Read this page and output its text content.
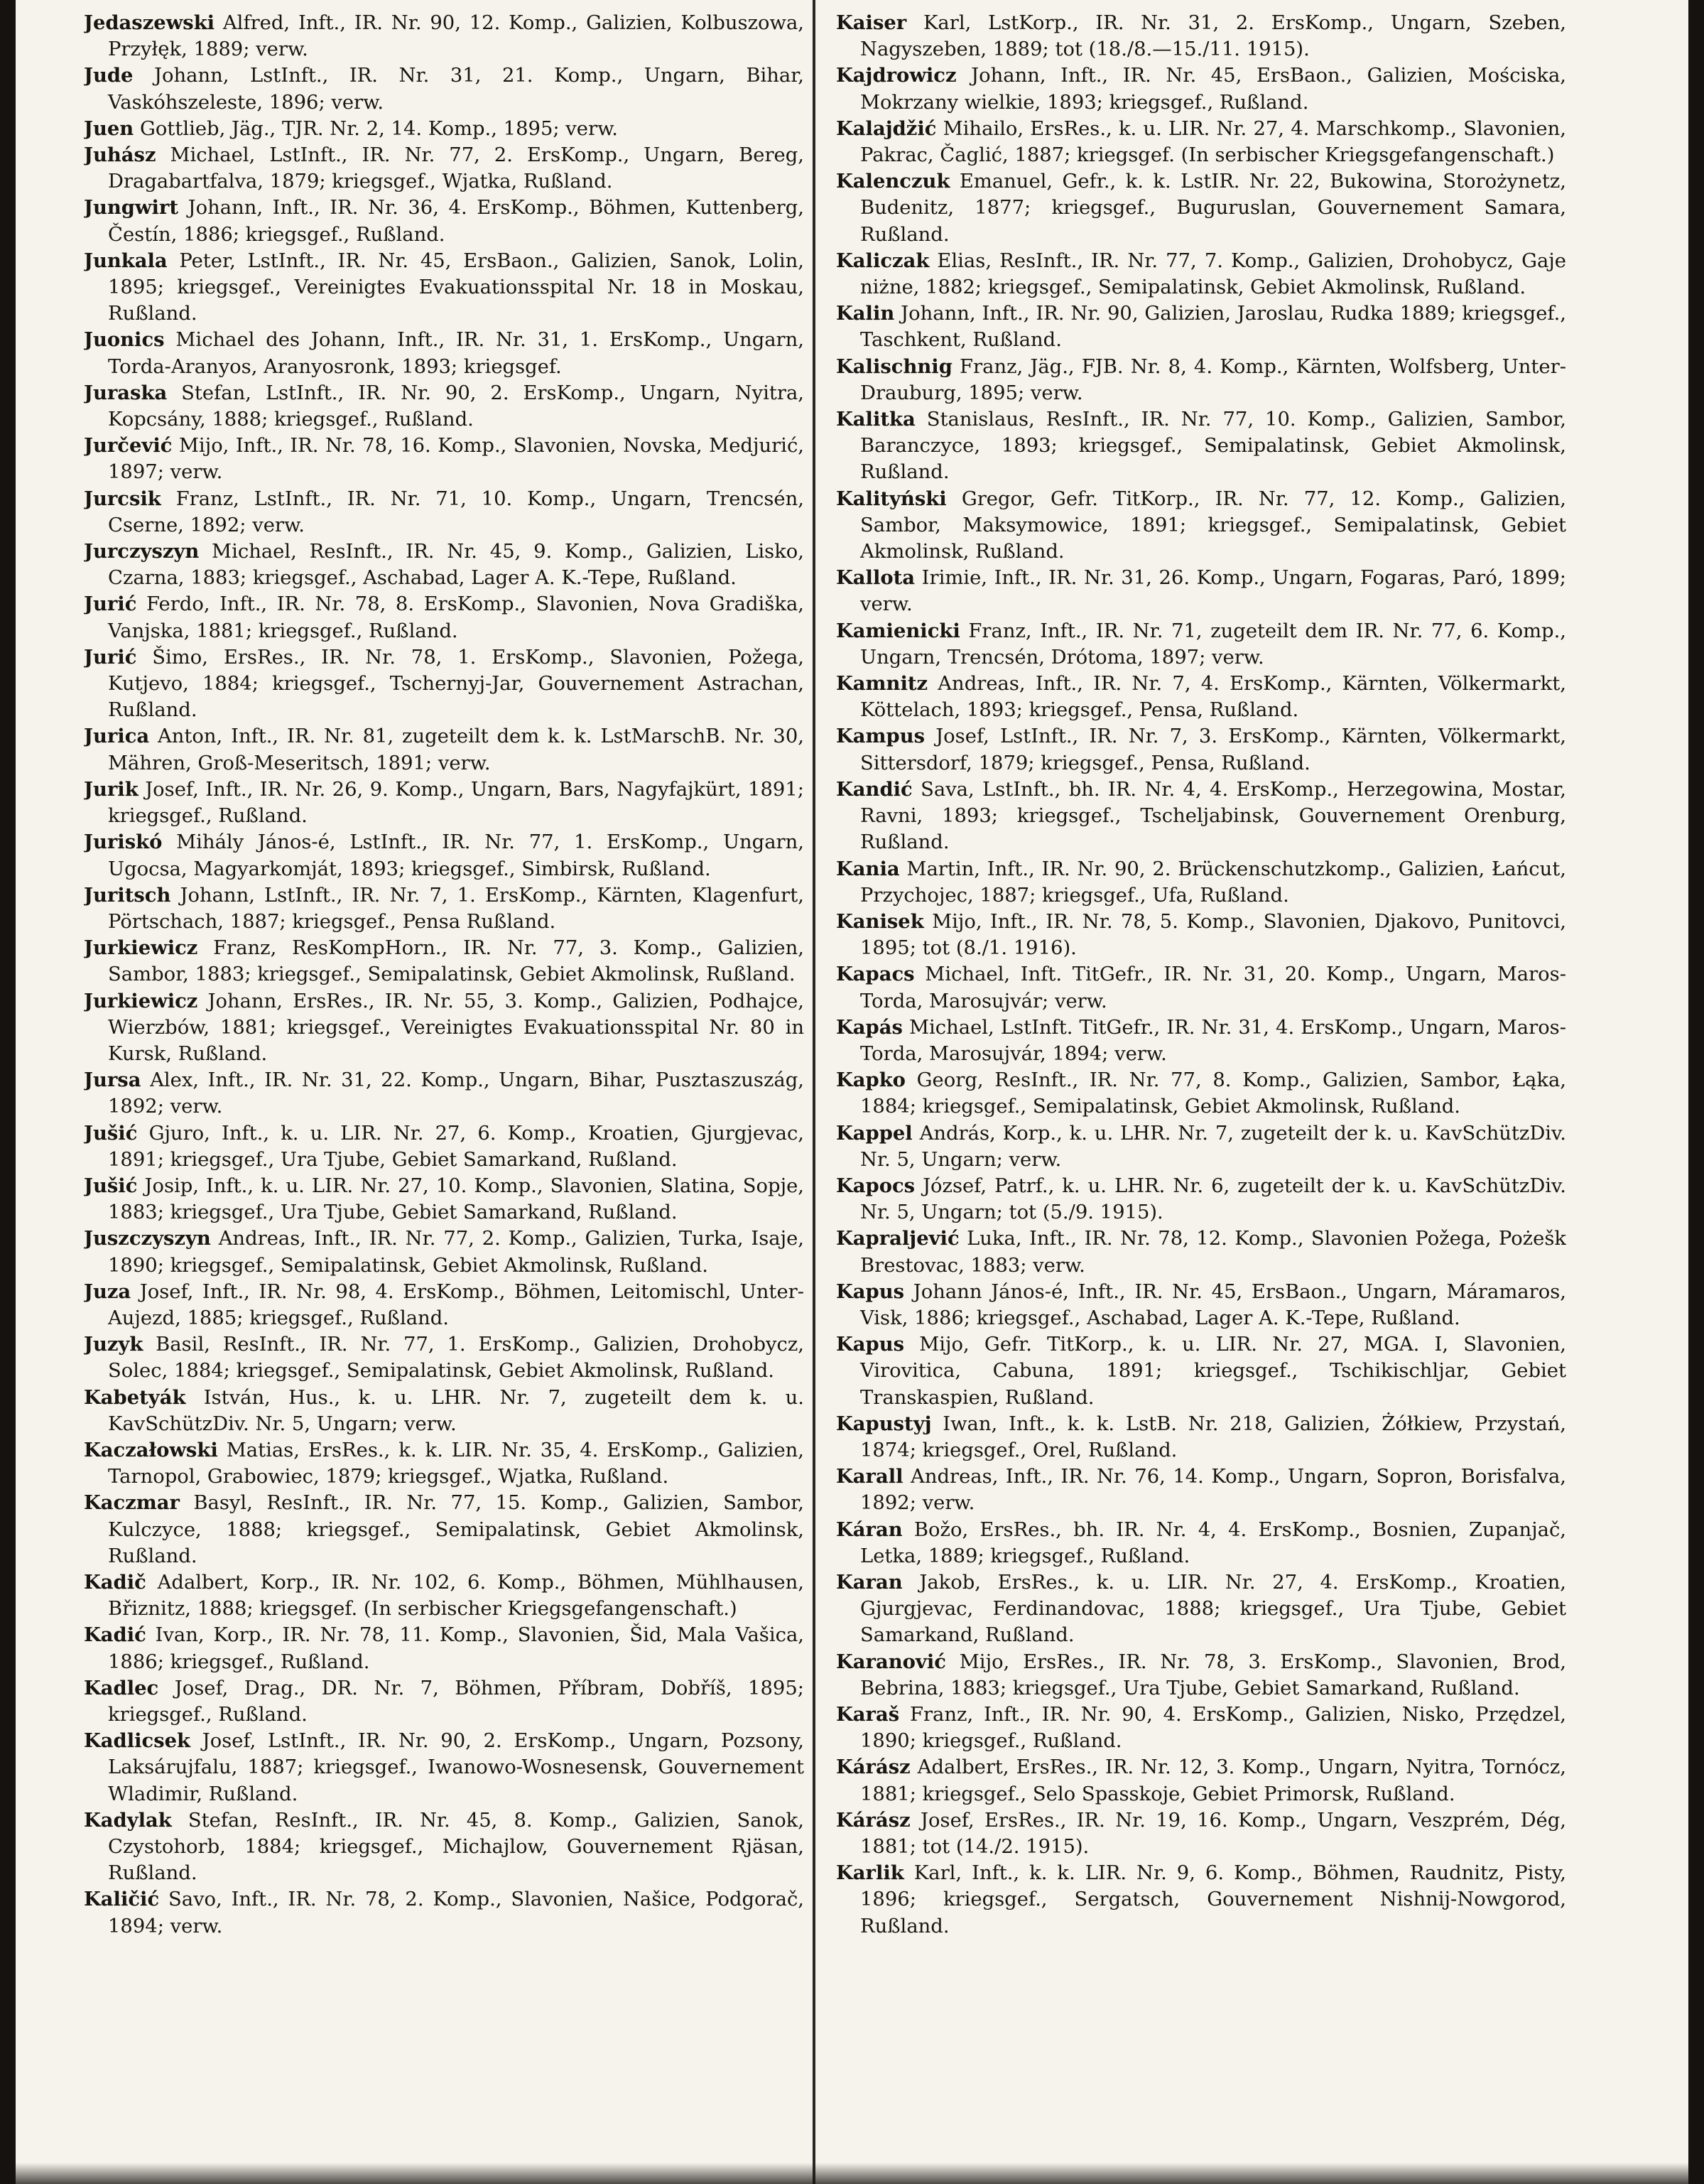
Jedaszewski Alfred, Inft., IR. Nr. 90, 12. Komp., Galizien, Kolbuszowa, Przyłęk, 1889; verw.

Jude Johann, LstInft., IR. Nr. 31, 21. Komp., Ungarn, Bihar, Vaskóhszeleste, 1896; verw.

Juen Gottlieb, Jäg., TJR. Nr. 2, 14. Komp., 1895; verw.

Juhász Michael, LstInft., IR. Nr. 77, 2. ErsKomp., Ungarn, Bereg, Dragabartfalva, 1879; kriegsgef., Wjatka, Rußland.

Jungwirt Johann, Inft., IR. Nr. 36, 4. ErsKomp., Böhmen, Kuttenberg, Čestín, 1886; kriegsgef., Rußland.

Junkala Peter, LstInft., IR. Nr. 45, ErsBaon., Galizien, Sanok, Lolin, 1895; kriegsgef., Vereinigtes Evakuationsspital Nr. 18 in Moskau, Rußland.

Juonics Michael des Johann, Inft., IR. Nr. 31, 1. ErsKomp., Ungarn, Torda-Aranyos, Aranyosronk, 1893; kriegsgef.

Juraska Stefan, LstInft., IR. Nr. 90, 2. ErsKomp., Ungarn, Nyitra, Kopcsány, 1888; kriegsgef., Rußland.

Jurčević Mijo, Inft., IR. Nr. 78, 16. Komp., Slavonien, Novska, Medjurić, 1897; verw.

Jurcsik Franz, LstInft., IR. Nr. 71, 10. Komp., Ungarn, Trencsén, Cserne, 1892; verw.

Jurczyszyn Michael, ResInft., IR. Nr. 45, 9. Komp., Galizien, Lisko, Czarna, 1883; kriegsgef., Aschabad, Lager A. K.-Tepe, Rußland.

Jurić Ferdo, Inft., IR. Nr. 78, 8. ErsKomp., Slavonien, Nova Gradiška, Vanjska, 1881; kriegsgef., Rußland.

Jurić Šimo, ErsRes., IR. Nr. 78, 1. ErsKomp., Slavonien, Požega, Kutjevo, 1884; kriegsgef., Tschernyj-Jar, Gouvernement Astrachan, Rußland.

Jurica Anton, Inft., IR. Nr. 81, zugeteilt dem k. k. LstMarschB. Nr. 30, Mähren, Groß-Meseritsch, 1891; verw.

Jurik Josef, Inft., IR. Nr. 26, 9. Komp., Ungarn, Bars, Nagyfajkürt, 1891; kriegsgef., Rußland.

Juriskó Mihály János-é, LstInft., IR. Nr. 77, 1. ErsKomp., Ungarn, Ugocsa, Magyarkomját, 1893; kriegsgef., Simbirsk, Rußland.

Juritsch Johann, LstInft., IR. Nr. 7, 1. ErsKomp., Kärnten, Klagenfurt, Pörtschach, 1887; kriegsgef., Pensa Rußland.

Jurkiewicz Franz, ResKompHorn., IR. Nr. 77, 3. Komp., Galizien, Sambor, 1883; kriegsgef., Semipalatinsk, Gebiet Akmolinsk, Rußland.

Jurkiewicz Johann, ErsRes., IR. Nr. 55, 3. Komp., Galizien, Podhajce, Wierzbów, 1881; kriegsgef., Vereinigtes Evakuationsspital Nr. 80 in Kursk, Rußland.

Jursa Alex, Inft., IR. Nr. 31, 22. Komp., Ungarn, Bihar, Pusztaszuszág, 1892; verw.

Jušić Gjuro, Inft., k. u. LIR. Nr. 27, 6. Komp., Kroatien, Gjurgjevac, 1891; kriegsgef., Ura Tjube, Gebiet Samarkand, Rußland.

Jušić Josip, Inft., k. u. LIR. Nr. 27, 10. Komp., Slavonien, Slatina, Sopje, 1883; kriegsgef., Ura Tjube, Gebiet Samarkand, Rußland.

Juszczyszyn Andreas, Inft., IR. Nr. 77, 2. Komp., Galizien, Turka, Isaje, 1890; kriegsgef., Semipalatinsk, Gebiet Akmolinsk, Rußland.

Juza Josef, Inft., IR. Nr. 98, 4. ErsKomp., Böhmen, Leitomischl, Unter-Aujezd, 1885; kriegsgef., Rußland.

Juzyk Basil, ResInft., IR. Nr. 77, 1. ErsKomp., Galizien, Drohobycz, Solec, 1884; kriegsgef., Semipalatinsk, Gebiet Akmolinsk, Rußland.

Kabetyák István, Hus., k. u. LHR. Nr. 7, zugeteilt dem k. u. KavSchützDiv. Nr. 5, Ungarn; verw.

Kaczałowski Matias, ErsRes., k. k. LIR. Nr. 35, 4. ErsKomp., Galizien, Tarnopol, Grabowiec, 1879; kriegsgef., Wjatka, Rußland.

Kaczmar Basyl, ResInft., IR. Nr. 77, 15. Komp., Galizien, Sambor, Kulczyce, 1888; kriegsgef., Semipalatinsk, Gebiet Akmolinsk, Rußland.

Kadič Adalbert, Korp., IR. Nr. 102, 6. Komp., Böhmen, Mühlhausen, Břiznitz, 1888; kriegsgef. (In serbischer Kriegsgefangenschaft.)

Kadić Ivan, Korp., IR. Nr. 78, 11. Komp., Slavonien, Šid, Mala Vašica, 1886; kriegsgef., Rußland.

Kadlec Josef, Drag., DR. Nr. 7, Böhmen, Příbram, Dobříš, 1895; kriegsgef., Rußland.

Kadlicsek Josef, LstInft., IR. Nr. 90, 2. ErsKomp., Ungarn, Pozsony, Laksárujfalu, 1887; kriegsgef., Iwanowo-Wosnesensk, Gouvernement Wladimir, Rußland.

Kadylak Stefan, ResInft., IR. Nr. 45, 8. Komp., Galizien, Sanok, Czystohorb, 1884; kriegsgef., Michajlow, Gouvernement Rjäsan, Rußland.

Kaličić Savo, Inft., IR. Nr. 78, 2. Komp., Slavonien, Našice, Podgorač, 1894; verw.

Kaiser Karl, LstKorp., IR. Nr. 31, 2. ErsKomp., Ungarn, Szeben, Nagyszeben, 1889; tot (18./8.—15./11. 1915).

Kajdrowicz Johann, Inft., IR. Nr. 45, ErsBaon., Galizien, Mościska, Mokrzany wielkie, 1893; kriegsgef., Rußland.

Kalajdžić Mihailo, ErsRes., k. u. LIR. Nr. 27, 4. Marschkomp., Slavonien, Pakrac, Čaglić, 1887; kriegsgef. (In serbischer Kriegsgefangenschaft.)

Kalenczuk Emanuel, Gefr., k. k. LstIR. Nr. 22, Bukowina, Storożynetz, Budenitz, 1877; kriegsgef., Buguruslan, Gouvernement Samara, Rußland.

Kaliczak Elias, ResInft., IR. Nr. 77, 7. Komp., Galizien, Drohobycz, Gaje niżne, 1882; kriegsgef., Semipalatinsk, Gebiet Akmolinsk, Rußland.

Kalin Johann, Inft., IR. Nr. 90, Galizien, Jaroslau, Rudka 1889; kriegsgef., Taschkent, Rußland.

Kalischnig Franz, Jäg., FJB. Nr. 8, 4. Komp., Kärnten, Wolfsberg, Unter-Drauburg, 1895; verw.

Kalitka Stanislaus, ResInft., IR. Nr. 77, 10. Komp., Galizien, Sambor, Baranczyce, 1893; kriegsgef., Semipalatinsk, Gebiet Akmolinsk, Rußland.

Kalityński Gregor, Gefr. TitKorp., IR. Nr. 77, 12. Komp., Galizien, Sambor, Maksymowice, 1891; kriegsgef., Semipalatinsk, Gebiet Akmolinsk, Rußland.

Kallota Irimie, Inft., IR. Nr. 31, 26. Komp., Ungarn, Fogaras, Paró, 1899; verw.

Kamienicki Franz, Inft., IR. Nr. 71, zugeteilt dem IR. Nr. 77, 6. Komp., Ungarn, Trencsén, Drótoma, 1897; verw.

Kamnitz Andreas, Inft., IR. Nr. 7, 4. ErsKomp., Kärnten, Völkermarkt, Köttelach, 1893; kriegsgef., Pensa, Rußland.

Kampus Josef, LstInft., IR. Nr. 7, 3. ErsKomp., Kärnten, Völkermarkt, Sittersdorf, 1879; kriegsgef., Pensa, Rußland.

Kandić Sava, LstInft., bh. IR. Nr. 4, 4. ErsKomp., Herzegowina, Mostar, Ravni, 1893; kriegsgef., Tscheljabinsk, Gouvernement Orenburg, Rußland.

Kania Martin, Inft., IR. Nr. 90, 2. Brückenschutzkomp., Galizien, Łańcut, Przychojec, 1887; kriegsgef., Ufa, Rußland.

Kanisek Mijo, Inft., IR. Nr. 78, 5. Komp., Slavonien, Djakovo, Punitovci, 1895; tot (8./1. 1916).

Kapacs Michael, Inft. TitGefr., IR. Nr. 31, 20. Komp., Ungarn, Maros-Torda, Marosujvár; verw.

Kapás Michael, LstInft. TitGefr., IR. Nr. 31, 4. ErsKomp., Ungarn, Maros-Torda, Marosujvár, 1894; verw.

Kapko Georg, ResInft., IR. Nr. 77, 8. Komp., Galizien, Sambor, Łąka, 1884; kriegsgef., Semipalatinsk, Gebiet Akmolinsk, Rußland.

Kappel András, Korp., k. u. LHR. Nr. 7, zugeteilt der k. u. KavSchützDiv. Nr. 5, Ungarn; verw.

Kapocs József, Patrf., k. u. LHR. Nr. 6, zugeteilt der k. u. KavSchützDiv. Nr. 5, Ungarn; tot (5./9. 1915).

Kapraljević Luka, Inft., IR. Nr. 78, 12. Komp., Slavonien Požega, Pożešk Brestovac, 1883; verw.

Kapus Johann János-é, Inft., IR. Nr. 45, ErsBaon., Ungarn, Máramaros, Visk, 1886; kriegsgef., Aschabad, Lager A. K.-Tepe, Rußland.

Kapus Mijo, Gefr. TitKorp., k. u. LIR. Nr. 27, MGA. I, Slavonien, Virovitica, Cabuna, 1891; kriegsgef., Tschikischljar, Gebiet Transkaspien, Rußland.

Kapustyj Iwan, Inft., k. k. LstB. Nr. 218, Galizien, Żółkiew, Przystań, 1874; kriegsgef., Orel, Rußland.

Karall Andreas, Inft., IR. Nr. 76, 14. Komp., Ungarn, Sopron, Borisfalva, 1892; verw.

Káran Božo, ErsRes., bh. IR. Nr. 4, 4. ErsKomp., Bosnien, Zupanjač, Letka, 1889; kriegsgef., Rußland.

Karan Jakob, ErsRes., k. u. LIR. Nr. 27, 4. ErsKomp., Kroatien, Gjurgjevac, Ferdinandovac, 1888; kriegsgef., Ura Tjube, Gebiet Samarkand, Rußland.

Karanović Mijo, ErsRes., IR. Nr. 78, 3. ErsKomp., Slavonien, Brod, Bebrina, 1883; kriegsgef., Ura Tjube, Gebiet Samarkand, Rußland.

Karaš Franz, Inft., IR. Nr. 90, 4. ErsKomp., Galizien, Nisko, Przędzel, 1890; kriegsgef., Rußland.

Kárász Adalbert, ErsRes., IR. Nr. 12, 3. Komp., Ungarn, Nyitra, Tornócz, 1881; kriegsgef., Selo Spasskoje, Gebiet Primorsk, Rußland.

Kárász Josef, ErsRes., IR. Nr. 19, 16. Komp., Ungarn, Veszprém, Dég, 1881; tot (14./2. 1915).

Karlik Karl, Inft., k. k. LIR. Nr. 9, 6. Komp., Böhmen, Raudnitz, Pisty, 1896; kriegsgef., Sergatsch, Gouvernement Nishnij-Nowgorod, Rußland.
